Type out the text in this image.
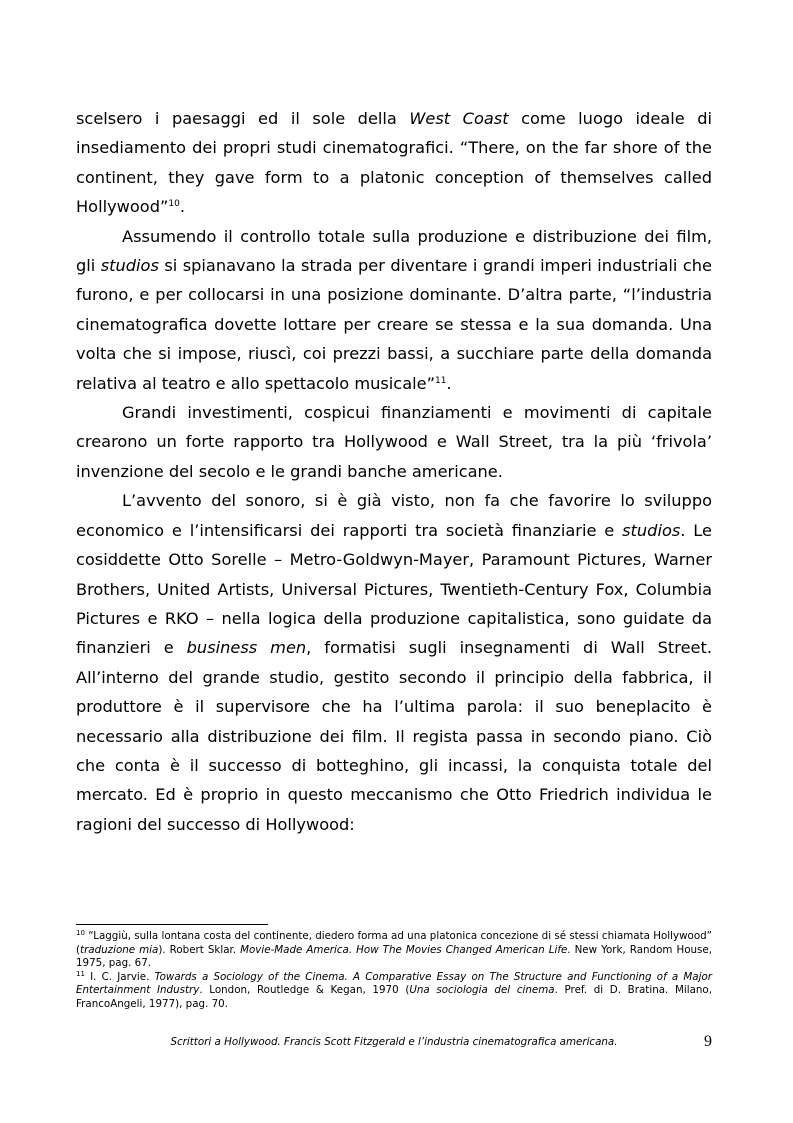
scelsero i paesaggi ed il sole della West Coast come luogo ideale di insediamento dei propri studi cinematografici. “There, on the far shore of the continent, they gave form to a platonic conception of themselves called Hollywood”$^{10}$.

Assumendo il controllo totale sulla produzione e distribuzione dei film, gli studios si spianavano la strada per diventare i grandi imperi industriali che furono, e per collocarsi in una posizione dominante. D’altra parte, “l’industria cinematografica dovette lottare per creare se stessa e la sua domanda. Una volta che si impose, riuscì, coi prezzi bassi, a succhiare parte della domanda relativa al teatro e allo spettacolo musicale”$^{11}$.

Grandi investimenti, cospicui finanziamenti e movimenti di capitale crearono un forte rapporto tra Hollywood e Wall Street, tra la più ‘frivola’ invenzione del secolo e le grandi banche americane.

L’avvento del sonoro, si è già visto, non fa che favorire lo sviluppo economico e l’intensificarsi dei rapporti tra società finanziarie e studios. Le cosiddette Otto Sorelle – Metro-Goldwyn-Mayer, Paramount Pictures, Warner Brothers, United Artists, Universal Pictures, Twentieth-Century Fox, Columbia Pictures e RKO – nella logica della produzione capitalistica, sono guidate da finanzieri e business men, formatisi sugli insegnamenti di Wall Street. All’interno del grande studio, gestito secondo il principio della fabbrica, il produttore è il supervisore che ha l’ultima parola: il suo beneplacito è necessario alla distribuzione dei film. Il regista passa in secondo piano. Ciò che conta è il successo di botteghino, gli incassi, la conquista totale del mercato. Ed è proprio in questo meccanismo che Otto Friedrich individua le ragioni del successo di Hollywood:

$^{10}$ “Laggiù, sulla lontana costa del continente, diedero forma ad una platonica concezione di sé stessi chiamata Hollywood” (traduzione mia). Robert Sklar. Movie-Made America. How The Movies Changed American Life. New York, Random House, 1975, pag. 67.

$^{11}$ I. C. Jarvie. Towards a Sociology of the Cinema. A Comparative Essay on The Structure and Functioning of a Major Entertainment Industry. London, Routledge & Kegan, 1970 (Una sociologia del cinema. Pref. di D. Bratina. Milano, FrancoAngeli, 1977), pag. 70.

Scrittori a Hollywood. Francis Scott Fitzgerald e l’industria cinematografica americana.	9
